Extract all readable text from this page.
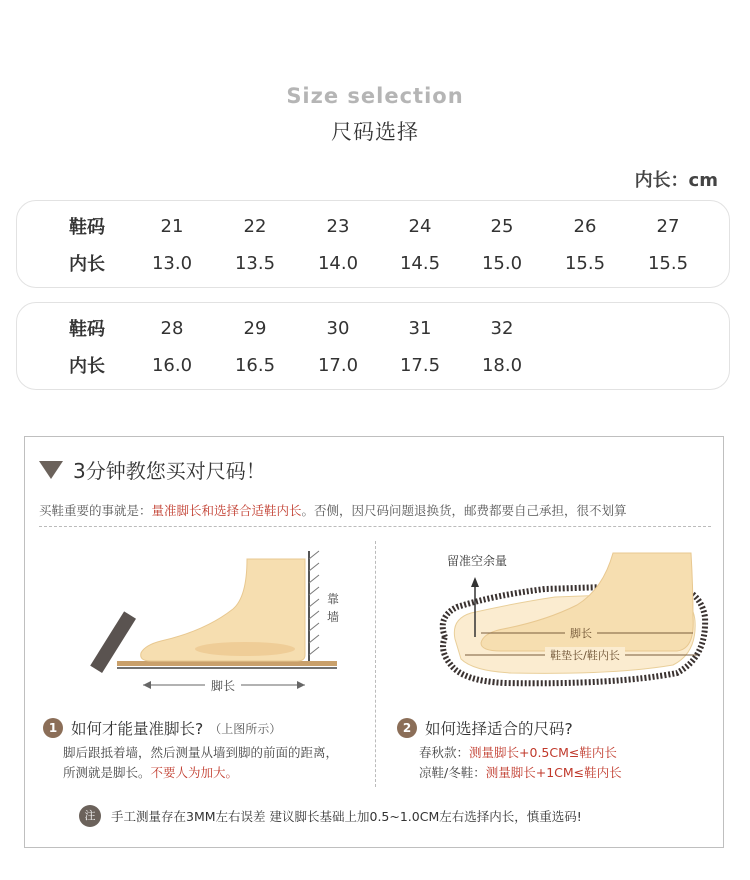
Size selection
尺码选择
内长：cm
鞋码	21	22	23	24	25	26	27
内长	13.0	13.5	14.0	14.5	15.0	15.5	15.5
鞋码	28	29	30	31	32
内长	16.0	16.5	17.0	17.5	18.0
! 3分钟教您买对尺码！
买鞋重要的事就是：量准脚长和选择合适鞋内长。否侧，因尺码问题退换货，邮费都要自己承担，很不划算
脚长
靠
墙
留准空余量
脚长
鞋垫长/鞋内长
1 如何才能量准脚长? （上图所示）
脚后跟抵着墙，然后测量从墙到脚的前面的距离，
所测就是脚长。不要人为加大。
2 如何选择适合的尺码?
春秋款：测量脚长+0.5CM≤鞋内长
凉鞋/冬鞋：测量脚长+1CM≤鞋内长
注	手工测量存在3MM左右误差 建议脚长基础上加0.5~1.0CM左右选择内长，慎重选码!
